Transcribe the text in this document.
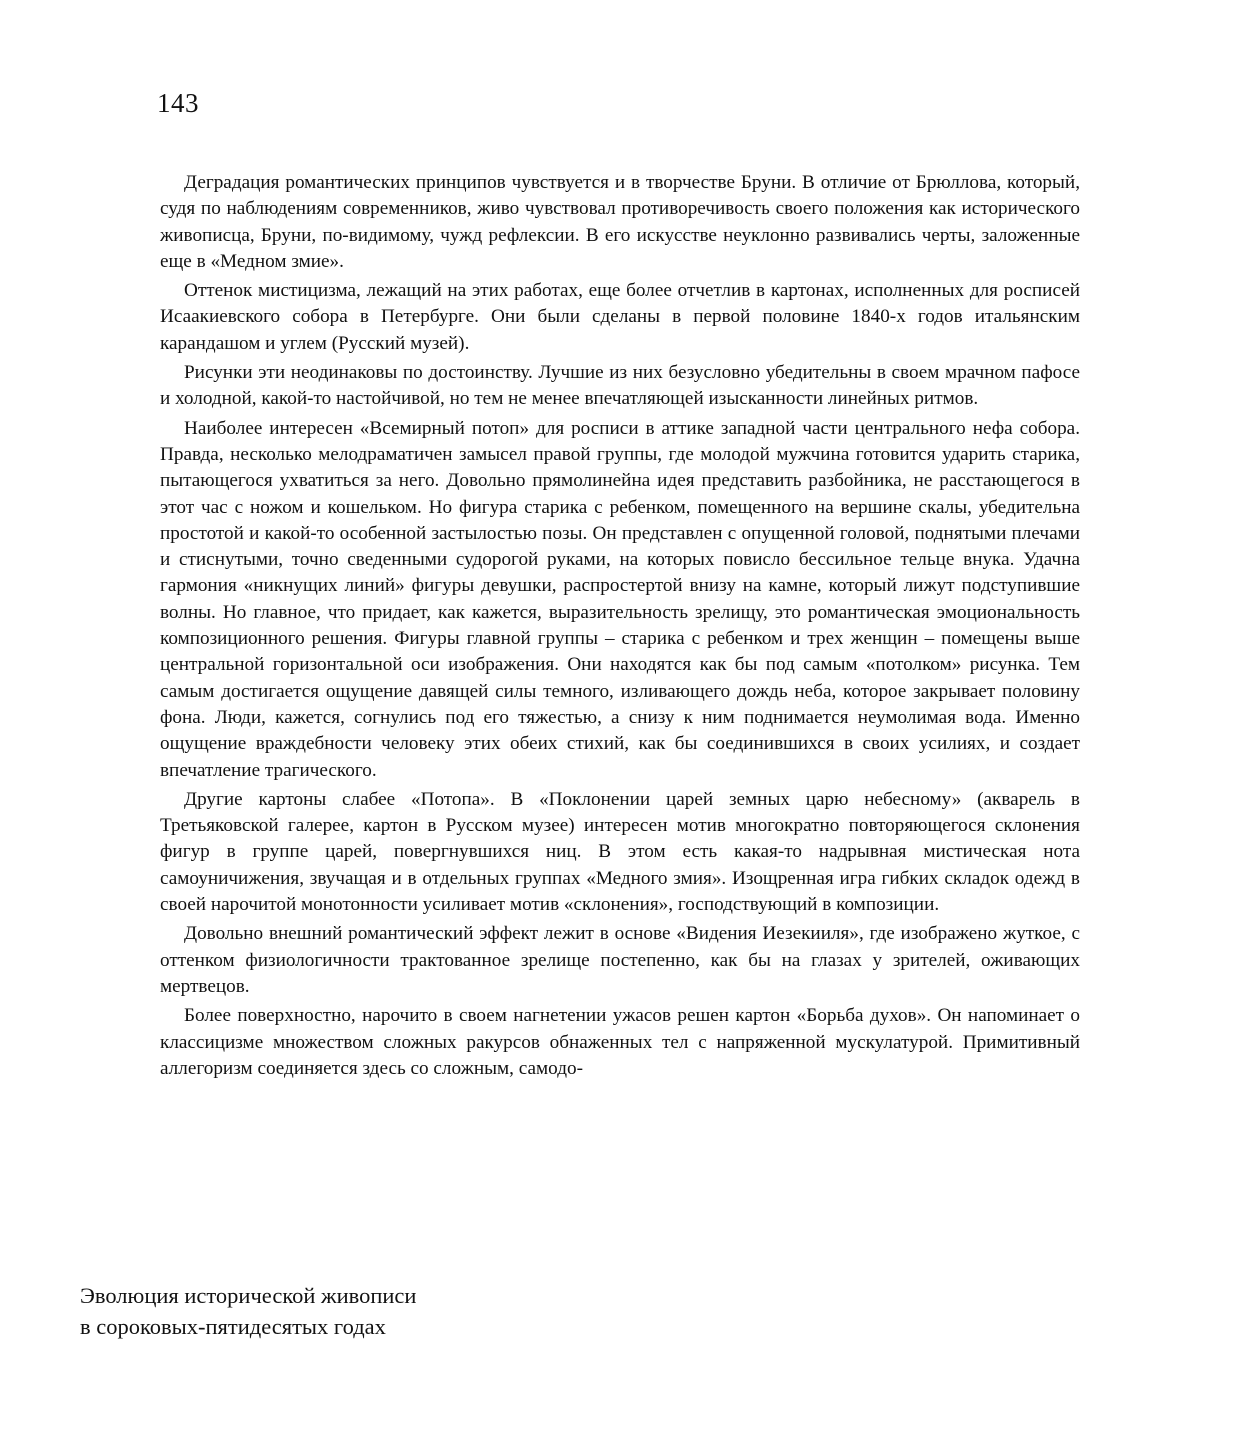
143

Деградация романтических принципов чувствуется и в творчестве Бруни. В отличие от Брюллова, который, судя по наблюдениям современников, живо чувствовал противоречивость своего положения как исторического живописца, Бруни, по-видимому, чужд рефлексии. В его искусстве неуклонно развивались черты, заложенные еще в «Медном змие».

Оттенок мистицизма, лежащий на этих работах, еще более отчетлив в картонах, исполненных для росписей Исаакиевского собора в Петербурге. Они были сделаны в первой половине 1840-х годов итальянским карандашом и углем (Русский музей).

Рисунки эти неодинаковы по достоинству. Лучшие из них безусловно убедительны в своем мрачном пафосе и холодной, какой-то настойчивой, но тем не менее впечатляющей изысканности линейных ритмов.

Наиболее интересен «Всемирный потоп» для росписи в аттике западной части центрального нефа собора. Правда, несколько мелодраматичен замысел правой группы, где молодой мужчина готовится ударить старика, пытающегося ухватиться за него. Довольно прямолинейна идея представить разбойника, не расстающегося в этот час с ножом и кошельком. Но фигура старика с ребенком, помещенного на вершине скалы, убедительна простотой и какой-то особенной застылостью позы. Он представлен с опущенной головой, поднятыми плечами и стиснутыми, точно сведенными судорогой руками, на которых повисло бессильное тельце внука. Удачна гармония «никнущих линий» фигуры девушки, распростертой внизу на камне, который лижут подступившие волны. Но главное, что придает, как кажется, выразительность зрелищу, это романтическая эмоциональность композиционного решения. Фигуры главной группы – старика с ребенком и трех женщин – помещены выше центральной горизонтальной оси изображения. Они находятся как бы под самым «потолком» рисунка. Тем самым достигается ощущение давящей силы темного, изливающего дождь неба, которое закрывает половину фона. Люди, кажется, согнулись под его тяжестью, а снизу к ним поднимается неумолимая вода. Именно ощущение враждебности человеку этих обеих стихий, как бы соединившихся в своих усилиях, и создает впечатление трагического.

Другие картоны слабее «Потопа». В «Поклонении царей земных царю небесному» (акварель в Третьяковской галерее, картон в Русском музее) интересен мотив многократно повторяющегося склонения фигур в группе царей, повергнувшихся ниц. В этом есть какая-то надрывная мистическая нота самоуничижения, звучащая и в отдельных группах «Медного змия». Изощренная игра гибких складок одежд в своей нарочитой монотонности усиливает мотив «склонения», господствующий в композиции.

Довольно внешний романтический эффект лежит в основе «Видения Иезекииля», где изображено жуткое, с оттенком физиологичности трактованное зрелище постепенно, как бы на глазах у зрителей, оживающих мертвецов.

Более поверхностно, нарочито в своем нагнетении ужасов решен картон «Борьба духов». Он напоминает о классицизме множеством сложных ракурсов обнаженных тел с напряженной мускулатурой. Примитивный аллегоризм соединяется здесь со сложным, самодо-

Эволюция исторической живописи
в сороковых-пятидесятых годах
